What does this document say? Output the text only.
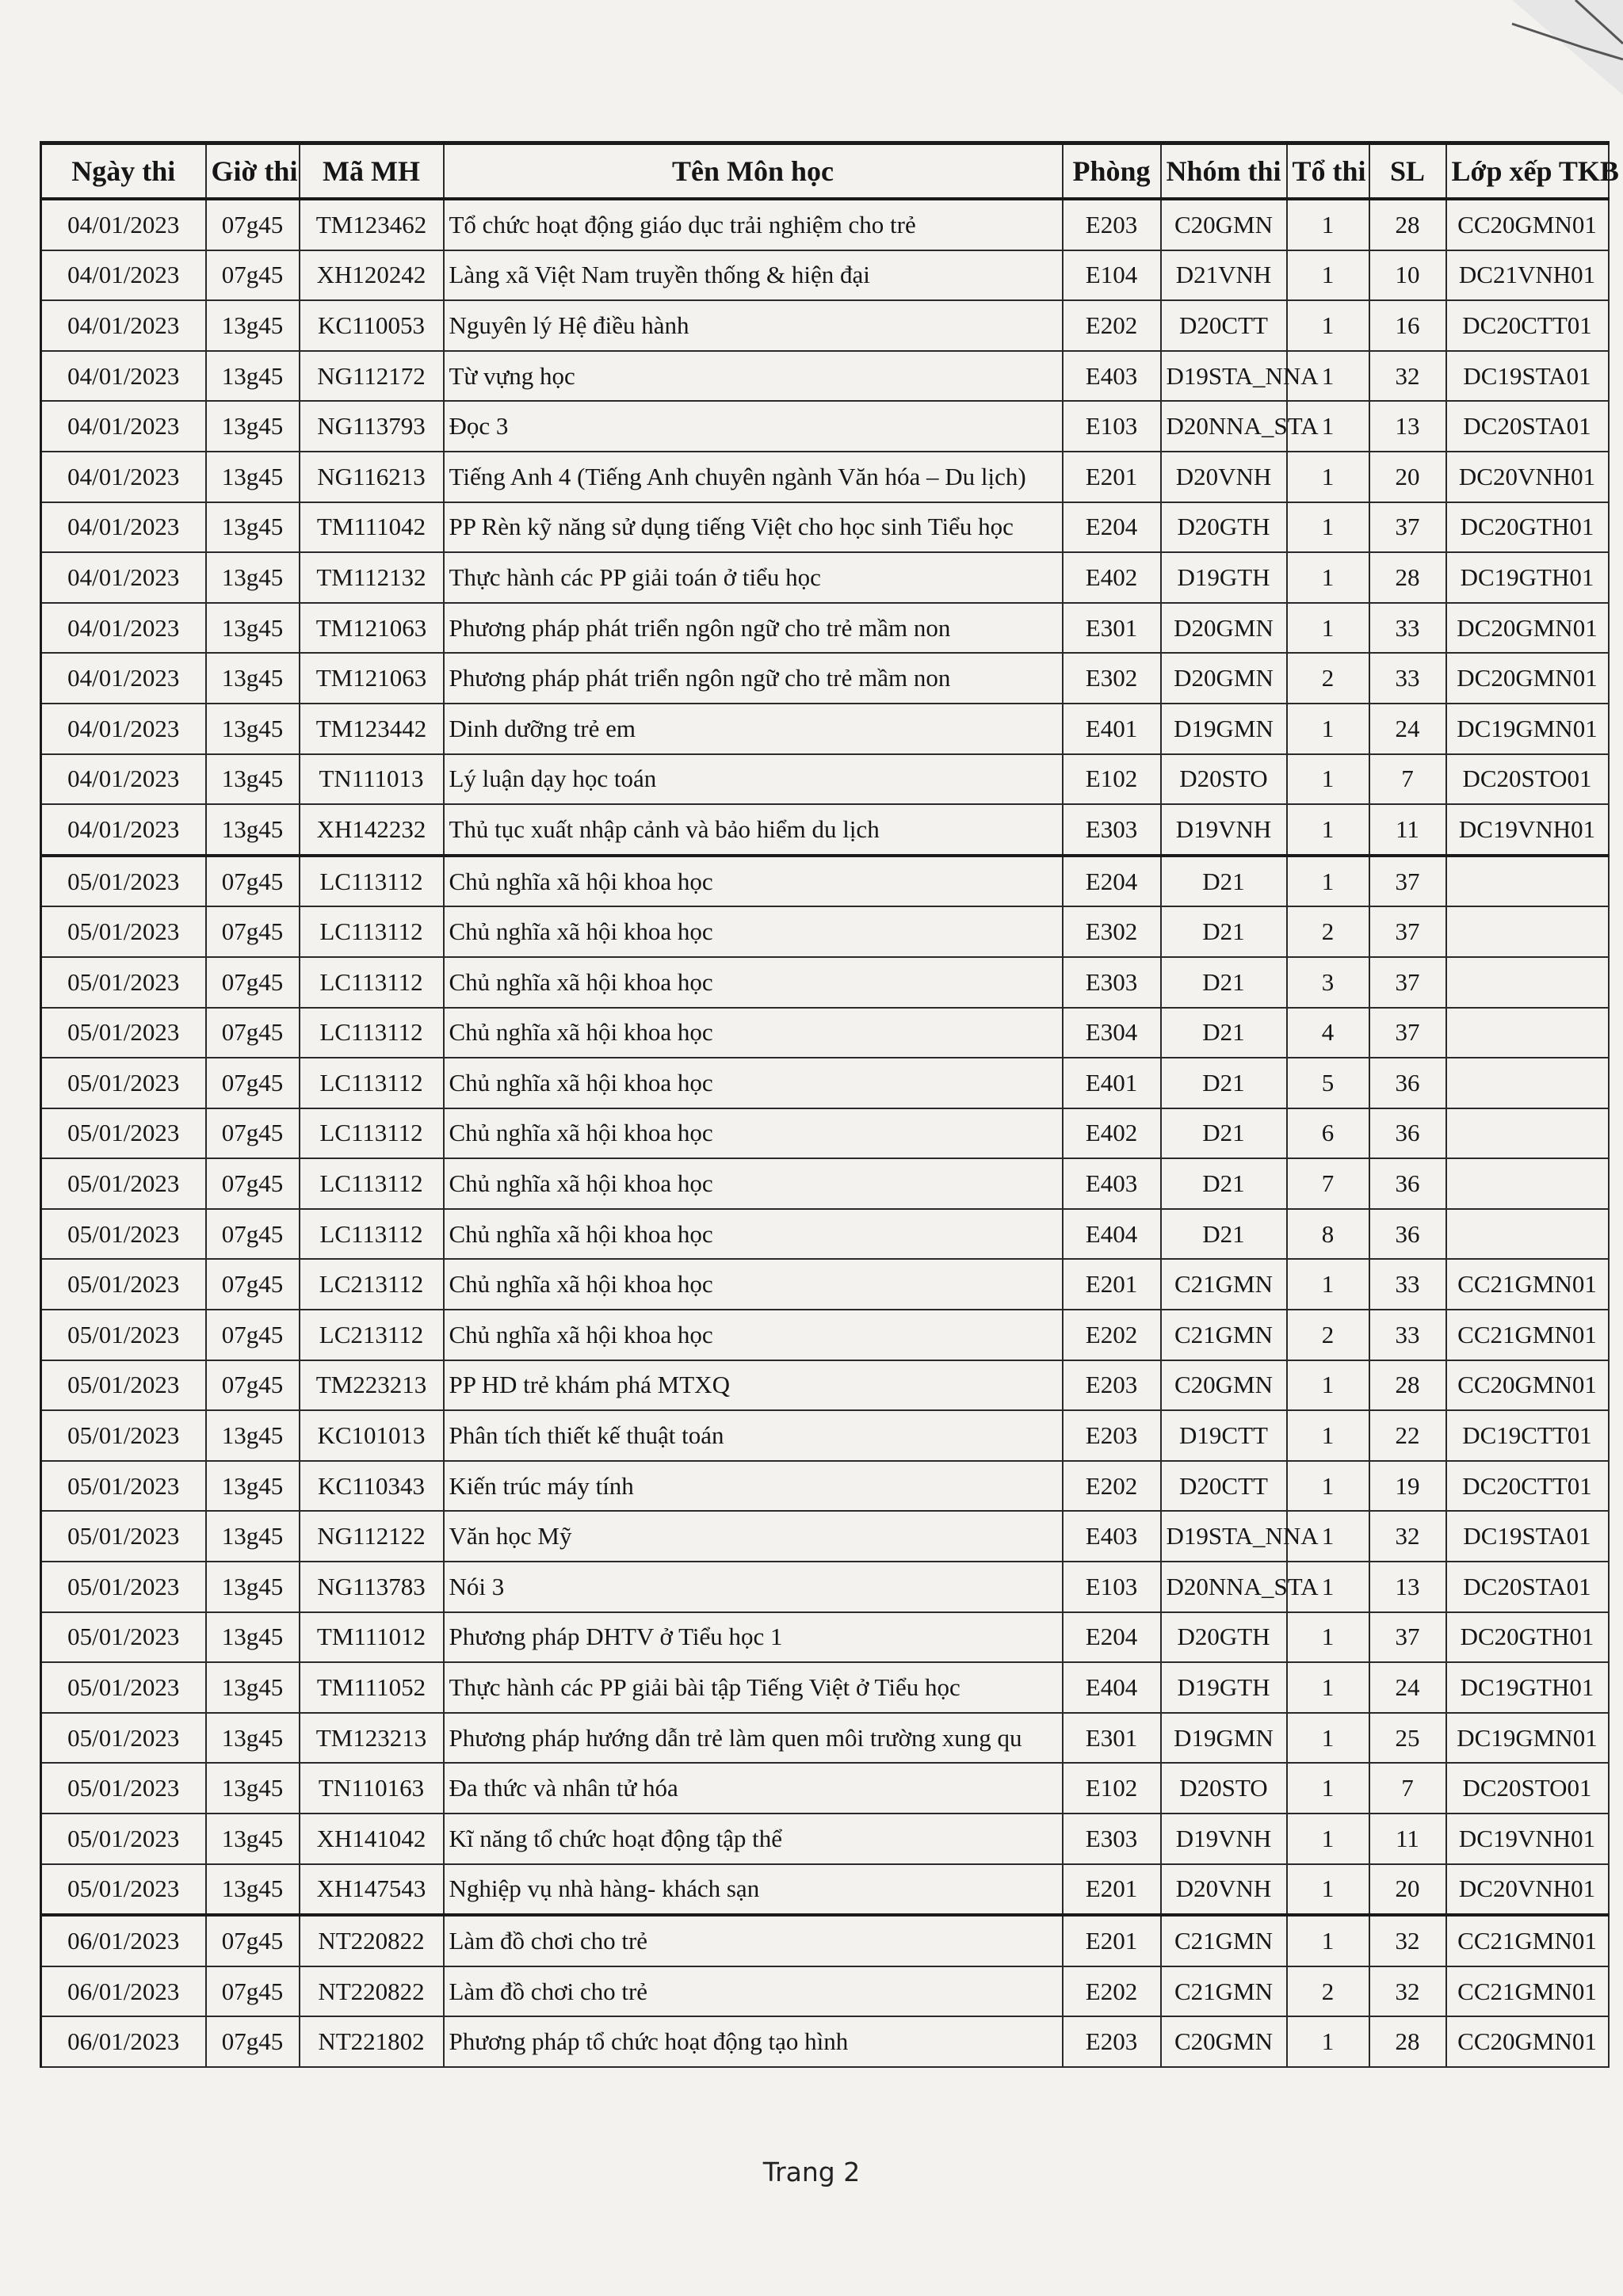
Ngày thi	Giờ thi	Mã MH	Tên Môn học	Phòng	Nhóm thi	Tổ thi	SL	Lớp xếp TKB
04/01/2023	07g45	TM123462	Tổ chức hoạt động giáo dục trải nghiệm cho trẻ	E203	C20GMN	1	28	CC20GMN01
04/01/2023	07g45	XH120242	Làng xã Việt Nam truyền thống & hiện đại	E104	D21VNH	1	10	DC21VNH01
04/01/2023	13g45	KC110053	Nguyên lý Hệ điều hành	E202	D20CTT	1	16	DC20CTT01
04/01/2023	13g45	NG112172	Từ vựng học	E403	D19STA_NNA	1	32	DC19STA01
04/01/2023	13g45	NG113793	Đọc 3	E103	D20NNA_STA	1	13	DC20STA01
04/01/2023	13g45	NG116213	Tiếng Anh 4 (Tiếng Anh chuyên ngành Văn hóa – Du lịch)	E201	D20VNH	1	20	DC20VNH01
04/01/2023	13g45	TM111042	PP Rèn kỹ năng sử dụng tiếng Việt cho học sinh Tiểu học	E204	D20GTH	1	37	DC20GTH01
04/01/2023	13g45	TM112132	Thực hành các PP giải toán ở tiểu học	E402	D19GTH	1	28	DC19GTH01
04/01/2023	13g45	TM121063	Phương pháp phát triển ngôn ngữ cho trẻ mầm non	E301	D20GMN	1	33	DC20GMN01
04/01/2023	13g45	TM121063	Phương pháp phát triển ngôn ngữ cho trẻ mầm non	E302	D20GMN	2	33	DC20GMN01
04/01/2023	13g45	TM123442	Dinh dưỡng trẻ em	E401	D19GMN	1	24	DC19GMN01
04/01/2023	13g45	TN111013	Lý luận dạy học toán	E102	D20STO	1	7	DC20STO01
04/01/2023	13g45	XH142232	Thủ tục xuất nhập cảnh và bảo hiểm du lịch	E303	D19VNH	1	11	DC19VNH01
05/01/2023	07g45	LC113112	Chủ nghĩa xã hội khoa học	E204	D21	1	37	
05/01/2023	07g45	LC113112	Chủ nghĩa xã hội khoa học	E302	D21	2	37	
05/01/2023	07g45	LC113112	Chủ nghĩa xã hội khoa học	E303	D21	3	37	
05/01/2023	07g45	LC113112	Chủ nghĩa xã hội khoa học	E304	D21	4	37	
05/01/2023	07g45	LC113112	Chủ nghĩa xã hội khoa học	E401	D21	5	36	
05/01/2023	07g45	LC113112	Chủ nghĩa xã hội khoa học	E402	D21	6	36	
05/01/2023	07g45	LC113112	Chủ nghĩa xã hội khoa học	E403	D21	7	36	
05/01/2023	07g45	LC113112	Chủ nghĩa xã hội khoa học	E404	D21	8	36	
05/01/2023	07g45	LC213112	Chủ nghĩa xã hội khoa học	E201	C21GMN	1	33	CC21GMN01
05/01/2023	07g45	LC213112	Chủ nghĩa xã hội khoa học	E202	C21GMN	2	33	CC21GMN01
05/01/2023	07g45	TM223213	PP HD trẻ khám phá MTXQ	E203	C20GMN	1	28	CC20GMN01
05/01/2023	13g45	KC101013	Phân tích thiết kế thuật toán	E203	D19CTT	1	22	DC19CTT01
05/01/2023	13g45	KC110343	Kiến trúc máy tính	E202	D20CTT	1	19	DC20CTT01
05/01/2023	13g45	NG112122	Văn học Mỹ	E403	D19STA_NNA	1	32	DC19STA01
05/01/2023	13g45	NG113783	Nói 3	E103	D20NNA_STA	1	13	DC20STA01
05/01/2023	13g45	TM111012	Phương pháp DHTV ở Tiểu học 1	E204	D20GTH	1	37	DC20GTH01
05/01/2023	13g45	TM111052	Thực hành các PP giải bài tập Tiếng Việt ở Tiểu học	E404	D19GTH	1	24	DC19GTH01
05/01/2023	13g45	TM123213	Phương pháp hướng dẫn trẻ làm quen môi trường xung qu	E301	D19GMN	1	25	DC19GMN01
05/01/2023	13g45	TN110163	Đa thức và nhân tử hóa	E102	D20STO	1	7	DC20STO01
05/01/2023	13g45	XH141042	Kĩ năng tổ chức hoạt động tập thể	E303	D19VNH	1	11	DC19VNH01
05/01/2023	13g45	XH147543	Nghiệp vụ nhà hàng- khách sạn	E201	D20VNH	1	20	DC20VNH01
06/01/2023	07g45	NT220822	Làm đồ chơi cho trẻ	E201	C21GMN	1	32	CC21GMN01
06/01/2023	07g45	NT220822	Làm đồ chơi cho trẻ	E202	C21GMN	2	32	CC21GMN01
06/01/2023	07g45	NT221802	Phương pháp tổ chức hoạt động tạo hình	E203	C20GMN	1	28	CC20GMN01
Trang 2
